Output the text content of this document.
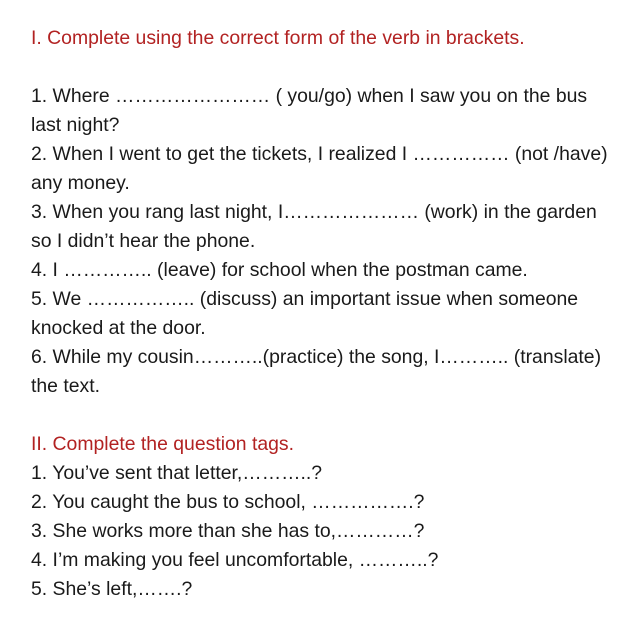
I. Complete using the correct form of the verb in brackets.

1. Where …………………… ( you/go) when I saw you on the bus last night?

2. When I went to get the tickets, I realized I …………… (not /have) any money.

3. When you rang last night, I………………… (work) in the garden so I didn’t hear the phone.

4. I ………….. (leave) for school when the postman came.

5. We …………….. (discuss) an important issue when someone knocked at the door.

6. While my cousin………..(practice) the song, I……….. (translate) the text.

II. Complete the question tags.

1. You’ve sent that letter,………..?

2. You caught the bus to school, …………….?

3. She works more than she has to,…………?

4. I’m making you feel uncomfortable, ………..?

5. She’s left,…….?
